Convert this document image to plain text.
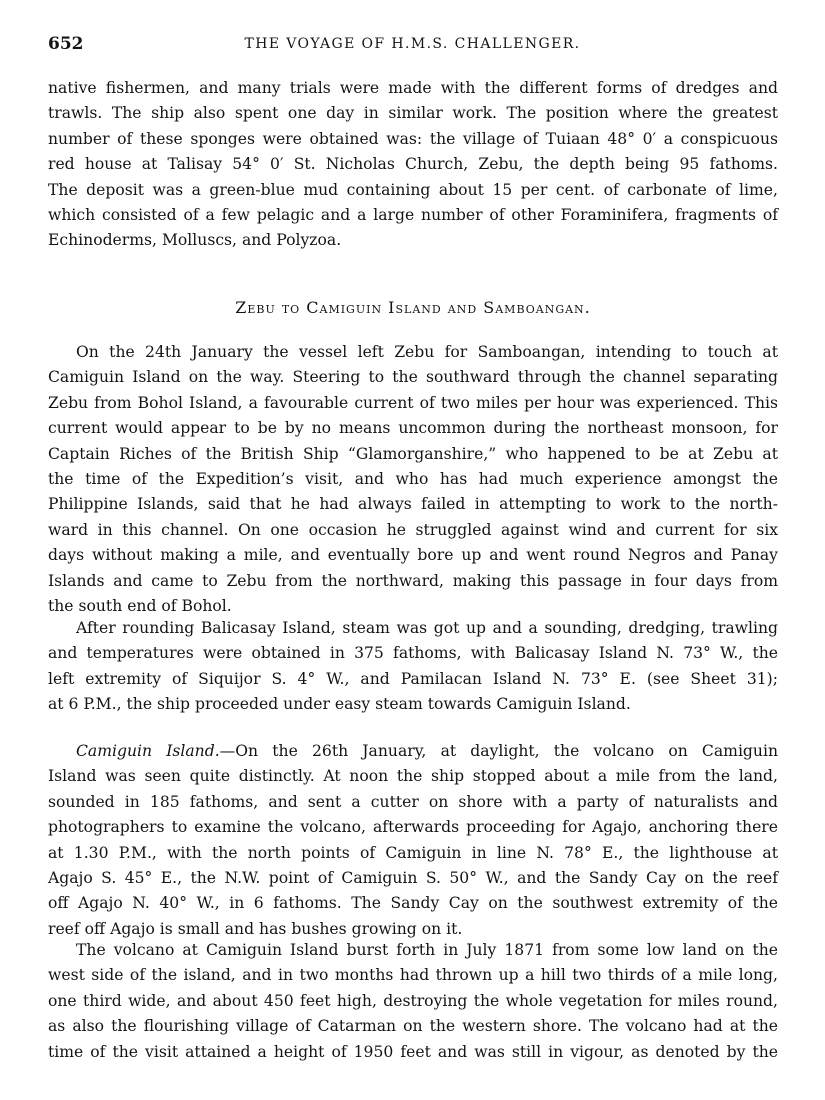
652	THE VOYAGE OF H.M.S. CHALLENGER.
native fishermen, and many trials were made with the different forms of dredges and
trawls. The ship also spent one day in similar work. The position where the greatest
number of these sponges were obtained was: the village of Tuiaan 48° 0′ a conspicuous
red house at Talisay 54° 0′ St. Nicholas Church, Zebu, the depth being 95 fathoms.
The deposit was a green-blue mud containing about 15 per cent. of carbonate of lime,
which consisted of a few pelagic and a large number of other Foraminifera, fragments of
Echinoderms, Molluscs, and Polyzoa.
Zebu to Camiguin Island and Samboangan.
On the 24th January the vessel left Zebu for Samboangan, intending to touch at
Camiguin Island on the way. Steering to the southward through the channel separating
Zebu from Bohol Island, a favourable current of two miles per hour was experienced. This
current would appear to be by no means uncommon during the northeast monsoon, for
Captain Riches of the British Ship “Glamorganshire,” who happened to be at Zebu at
the time of the Expedition’s visit, and who has had much experience amongst the
Philippine Islands, said that he had always failed in attempting to work to the north-
ward in this channel. On one occasion he struggled against wind and current for six
days without making a mile, and eventually bore up and went round Negros and Panay
Islands and came to Zebu from the northward, making this passage in four days from
the south end of Bohol.
After rounding Balicasay Island, steam was got up and a sounding, dredging, trawling
and temperatures were obtained in 375 fathoms, with Balicasay Island N. 73° W., the
left extremity of Siquijor S. 4° W., and Pamilacan Island N. 73° E. (see Sheet 31);
at 6 P.M., the ship proceeded under easy steam towards Camiguin Island.
Camiguin Island.—On the 26th January, at daylight, the volcano on Camiguin
Island was seen quite distinctly. At noon the ship stopped about a mile from the land,
sounded in 185 fathoms, and sent a cutter on shore with a party of naturalists and
photographers to examine the volcano, afterwards proceeding for Agajo, anchoring there
at 1.30 P.M., with the north points of Camiguin in line N. 78° E., the lighthouse at
Agajo S. 45° E., the N.W. point of Camiguin S. 50° W., and the Sandy Cay on the reef
off Agajo N. 40° W., in 6 fathoms. The Sandy Cay on the southwest extremity of the
reef off Agajo is small and has bushes growing on it.
The volcano at Camiguin Island burst forth in July 1871 from some low land on the
west side of the island, and in two months had thrown up a hill two thirds of a mile long,
one third wide, and about 450 feet high, destroying the whole vegetation for miles round,
as also the flourishing village of Catarman on the western shore. The volcano had at the
time of the visit attained a height of 1950 feet and was still in vigour, as denoted by the
